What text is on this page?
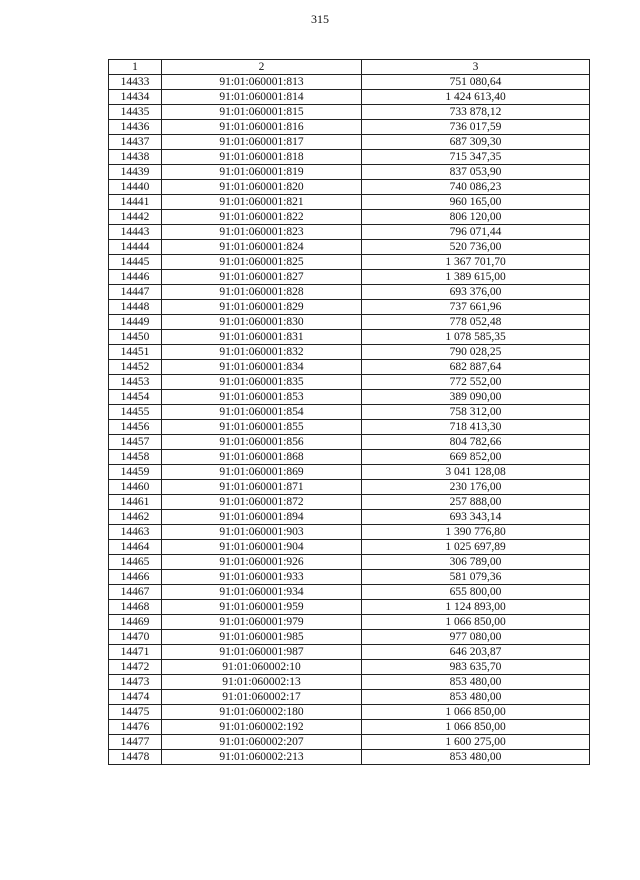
315
1	2	3
14433	91:01:060001:813	751 080,64
14434	91:01:060001:814	1 424 613,40
14435	91:01:060001:815	733 878,12
14436	91:01:060001:816	736 017,59
14437	91:01:060001:817	687 309,30
14438	91:01:060001:818	715 347,35
14439	91:01:060001:819	837 053,90
14440	91:01:060001:820	740 086,23
14441	91:01:060001:821	960 165,00
14442	91:01:060001:822	806 120,00
14443	91:01:060001:823	796 071,44
14444	91:01:060001:824	520 736,00
14445	91:01:060001:825	1 367 701,70
14446	91:01:060001:827	1 389 615,00
14447	91:01:060001:828	693 376,00
14448	91:01:060001:829	737 661,96
14449	91:01:060001:830	778 052,48
14450	91:01:060001:831	1 078 585,35
14451	91:01:060001:832	790 028,25
14452	91:01:060001:834	682 887,64
14453	91:01:060001:835	772 552,00
14454	91:01:060001:853	389 090,00
14455	91:01:060001:854	758 312,00
14456	91:01:060001:855	718 413,30
14457	91:01:060001:856	804 782,66
14458	91:01:060001:868	669 852,00
14459	91:01:060001:869	3 041 128,08
14460	91:01:060001:871	230 176,00
14461	91:01:060001:872	257 888,00
14462	91:01:060001:894	693 343,14
14463	91:01:060001:903	1 390 776,80
14464	91:01:060001:904	1 025 697,89
14465	91:01:060001:926	306 789,00
14466	91:01:060001:933	581 079,36
14467	91:01:060001:934	655 800,00
14468	91:01:060001:959	1 124 893,00
14469	91:01:060001:979	1 066 850,00
14470	91:01:060001:985	977 080,00
14471	91:01:060001:987	646 203,87
14472	91:01:060002:10	983 635,70
14473	91:01:060002:13	853 480,00
14474	91:01:060002:17	853 480,00
14475	91:01:060002:180	1 066 850,00
14476	91:01:060002:192	1 066 850,00
14477	91:01:060002:207	1 600 275,00
14478	91:01:060002:213	853 480,00
